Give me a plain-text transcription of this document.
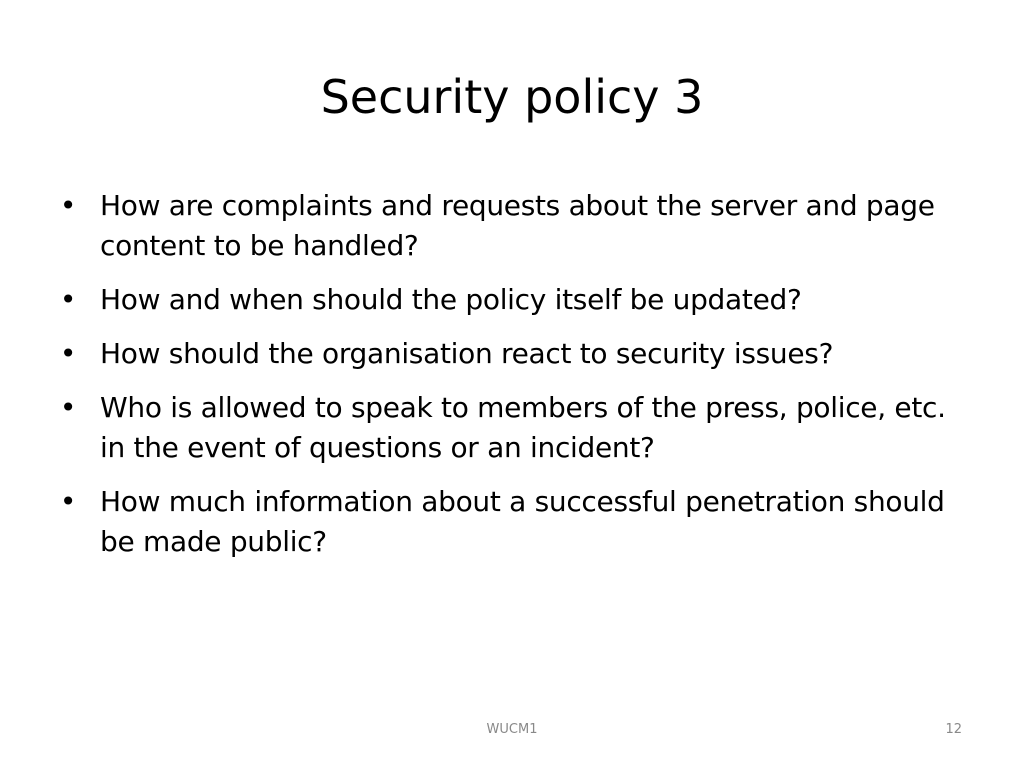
Security policy 3
• How are complaints and requests about the server and page content to be handled?
• How and when should the policy itself be updated?
• How should the organisation react to security issues?
• Who is allowed to speak to members of the press, police, etc. in the event of questions or an incident?
• How much information about a successful penetration should be made public?
WUCM1	12
